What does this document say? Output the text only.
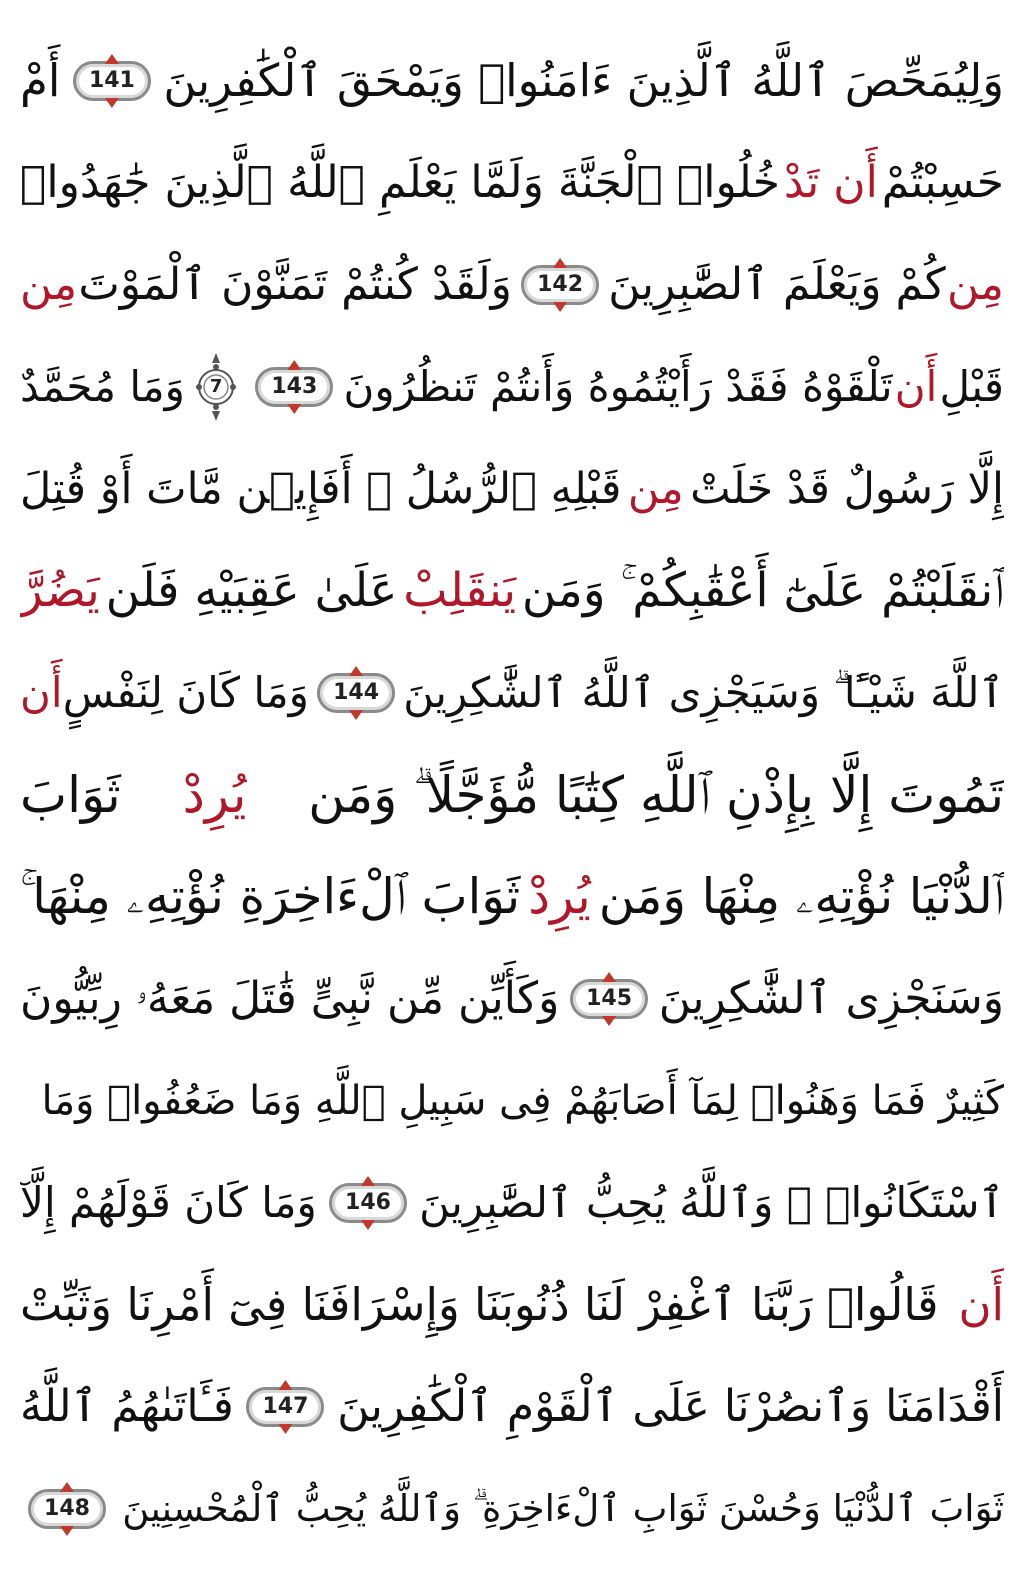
وَلِيُمَحِّصَ ٱللَّهُ ٱلَّذِينَ ءَامَنُوا۟ وَيَمْحَقَ ٱلْكَٰفِرِينَ
141
أَمْ
حَسِبْتُمْ
أَن تَدْ
خُلُوا۟ ٱلْجَنَّةَ وَلَمَّا يَعْلَمِ ٱللَّهُ ٱلَّذِينَ جَٰهَدُوا۟
مِن
كُمْ وَيَعْلَمَ ٱلصَّٰبِرِينَ
142
وَلَقَدْ كُنتُمْ تَمَنَّوْنَ ٱلْمَوْتَ
مِن
قَبْلِ
أَن
تَلْقَوْهُ فَقَدْ رَأَيْتُمُوهُ وَأَنتُمْ تَنظُرُونَ
143
7
وَمَا مُحَمَّدٌ
إِلَّا رَسُولٌ قَدْ خَلَتْ
مِن
قَبْلِهِ ٱلرُّسُلُ ۚ أَفَإِي۟ن مَّاتَ أَوْ قُتِلَ
ٱنقَلَبْتُمْ عَلَىٰٓ أَعْقَٰبِكُمْ ۚ وَمَن
يَنقَلِبْ
عَلَىٰ عَقِبَيْهِ فَلَن
يَضُرَّ
ٱللَّهَ شَيْـًٔا ۗ وَسَيَجْزِى ٱللَّهُ ٱلشَّٰكِرِينَ
144
وَمَا كَانَ لِنَفْسٍ
أَن
تَمُوتَ إِلَّا بِإِذْنِ ٱللَّهِ كِتَٰبًا مُّؤَجَّلًا ۗ وَمَن
يُرِدْ
ثَوَابَ
ٱلدُّنْيَا نُؤْتِهِۦ مِنْهَا وَمَن
يُرِدْ
ثَوَابَ ٱلْءَاخِرَةِ نُؤْتِهِۦ مِنْهَا ۚ
وَسَنَجْزِى ٱلشَّٰكِرِينَ
145
وَكَأَيِّن مِّن نَّبِىٍّ قَٰتَلَ مَعَهُۥ رِبِّيُّونَ
كَثِيرٌ فَمَا وَهَنُوا۟ لِمَآ أَصَابَهُمْ فِى سَبِيلِ ٱللَّهِ وَمَا ضَعُفُوا۟ وَمَا
ٱسْتَكَانُوا۟ ۗ وَٱللَّهُ يُحِبُّ ٱلصَّٰبِرِينَ
146
وَمَا كَانَ قَوْلَهُمْ إِلَّآ
أَن
قَالُوا۟ رَبَّنَا ٱغْفِرْ لَنَا ذُنُوبَنَا وَإِسْرَافَنَا فِىٓ أَمْرِنَا وَثَبِّتْ
أَقْدَامَنَا وَٱنصُرْنَا عَلَى ٱلْقَوْمِ ٱلْكَٰفِرِينَ
147
فَـَٔاتَىٰهُمُ ٱللَّهُ
ثَوَابَ ٱلدُّنْيَا وَحُسْنَ ثَوَابِ ٱلْءَاخِرَةِ ۗ وَٱللَّهُ يُحِبُّ ٱلْمُحْسِنِينَ
148
